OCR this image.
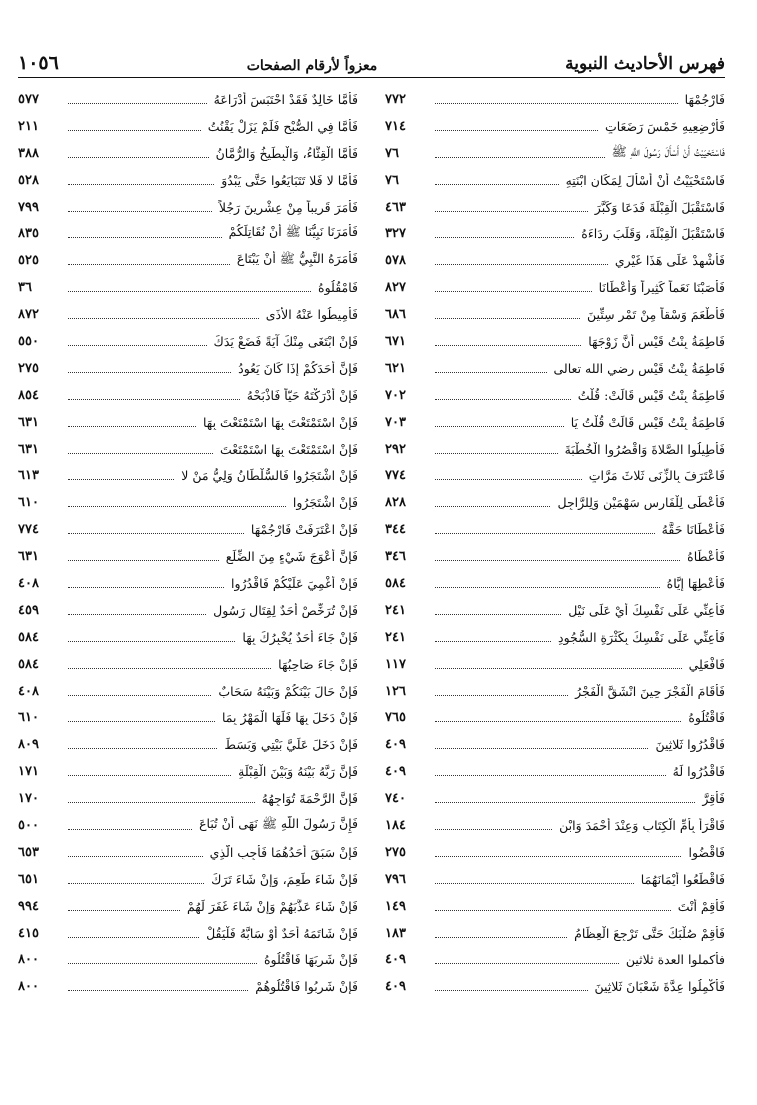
فهرس الأحاديث النبوية
معزواً لأرقام الصفحات
١٠٥٦
فَارْجُمْهَا
٧٧٢
فَأَرْضِعِيهِ خَمْسَ رَضَعَاتٍ
٧١٤
فَاسْتَحْيَيْتُ أَنْ أَسْأَلَ رَسُولَ اللَّهِ ﷺ
٧٦
فَاسْتَحْيَيْتُ أَنْ أَسْأَلَ لِمَكَانِ ابْنَتِهِ
٧٦
فَاسْتَقْبَلَ الْقِبْلَةَ فَدَعَا وَكَبَّرَ
٤٦٣
فَاسْتَقْبَلَ الْقِبْلَةَ، وَقَلَبَ رِدَاءَهُ
٣٢٧
فَأَشْهِدْ عَلَى هَذَا غَيْرِي
٥٧٨
فَأَصَبْنَا نَعَماً كَثِيراً وَأَعْطَانَا
٨٢٧
فَأَطْعَمَ وَسْقاً مِنْ تَمْرٍ سِتِّينَ
٦٨٦
فَاطِمَةُ بِنْتُ قَيْسٍ أَنَّ زَوْجَهَا
٦٧١
فَاطِمَةُ بِنْتُ قَيْسٍ رضي الله تعالى
٦٢١
فَاطِمَةُ بِنْتُ قَيْسٍ قَالَتْ: قُلْتُ
٧٠٢
فَاطِمَةُ بِنْتُ قَيْسٍ قَالَتْ قُلْتُ يَا
٧٠٣
فَأَطِيلُوا الصَّلاةَ وَاقْصُرُوا الْخُطْبَةَ
٢٩٢
فَاعْتَرَفَ بِالزِّنَى ثَلاثَ مَرَّاتٍ
٧٧٤
فَأَعْطَى لِلْفَارِسِ سَهْمَيْنِ وَلِلرَّاجِلِ
٨٢٨
فَأَعْطَانَا حَقَّهُ
٣٤٤
فَأَعْطَاهُ
٣٤٦
فَأَعْطِهَا إِيَّاهُ
٥٨٤
فَأَعِنِّي عَلَى نَفْسِكَ أَيْ عَلَى نَيْلِ
٢٤١
فَأَعِنِّي عَلَى نَفْسِكَ بِكَثْرَةِ السُّجُودِ
٢٤١
فَافْعَلِي
١١٧
فَأَقَامَ الْفَجْرَ حِينَ انْشَقَّ الْفَجْرُ
١٢٦
فَاقْتُلُوهُ
٧٦٥
فَاقْدُرُوا ثَلاثِينَ
٤٠٩
فَاقْدُرُوا لَهُ
٤٠٩
فَأَقِرَّ
٧٤٠
فَاقْرَأْ بِأُمِّ الْكِتَابِ وَعِنْدَ أَحْمَدَ وَابْنِ
١٨٤
فَاقْضُوا
٢٧٥
فَاقْطَعُوا أَيْمَانَهُمَا
٧٩٦
فَأَقِمْ أَنْتَ
١٤٩
فَأَقِمْ صُلْبَكَ حَتَّى تَرْجِعَ الْعِظَامُ
١٨٣
فأكملوا العدة ثلاثين
٤٠٩
فَأَكْمِلُوا عِدَّةَ شَعْبَانَ ثَلاثِينَ
٤٠٩
فَأَمَّا خَالِدٌ فَقَدْ احْتَبَسَ أَدْرَاعَهُ
٥٧٧
فَأَمَّا فِي الصُّبْحِ فَلَمْ يَزَلْ يَقْنُتُ
٢١١
فَأَمَّا الْقِثَّاءُ، وَالْبِطِّيخُ وَالرُّمَّانُ
٣٨٨
فَأَمَّا لا فَلا تَتَبَايَعُوا حَتَّى يَبْدُوَ
٥٢٨
فَأَمَرَ قَرِيباً مِنْ عِشْرِينَ رَجُلاً
٧٩٩
فَأَمَرَنَا نَبِيُّنَا ﷺ أَنْ نُقَاتِلَكُمْ
٨٣٥
فَأَمَرَهُ النَّبِيُّ ﷺ أَنْ يَبْتَاعَ
٥٢٥
فَامْقُلُوهُ
٣٦
فَأَمِيطُوا عَنْهُ الأَذَى
٨٧٢
فَإِنْ ابْتَغَى مِنْكَ آيَةً فَضَعْ يَدَكَ
٥٥٠
فَإِنَّ أَحَدَكُمْ إِذَا كَانَ يَعُودُ
٢٧٥
فَإِنْ أَدْرَكْتَهُ حَيّاً فَاذْبَحْهُ
٨٥٤
فَإِنْ اسْتَمْتَعْتَ بِهَا اسْتَمْتَعْتَ بِهَا
٦٣١
فَإِنْ اسْتَمْتَعْتَ بِهَا اسْتَمْتَعْتَ
٦٣١
فَإِنْ اشْتَجَرُوا فَالسُّلْطَانُ وَلِيُّ مَنْ لا
٦١٣
فَإِنْ اشْتَجَرُوا
٦١٠
فَإِنْ اعْتَرَفَتْ فَارْجُمْهَا
٧٧٤
فَإِنَّ أَعْوَجَ شَيْءٍ مِنَ الضِّلَعِ
٦٣١
فَإِنْ أُغْمِيَ عَلَيْكُمْ فَاقْدُرُوا
٤٠٨
فَإِنْ تُرَخِّصْ أَحَدٌ لِقِتَالِ رَسُولِ
٤٥٩
فَإِنْ جَاءَ أَحَدٌ يُخْبِرُكَ بِهَا
٥٨٤
فَإِنْ جَاءَ صَاحِبُهَا
٥٨٤
فَإِنْ حَالَ بَيْنَكُمْ وَبَيْنَهُ سَحَابٌ
٤٠٨
فَإِنْ دَخَلَ بِهَا فَلَهَا الْمَهْرُ بِمَا
٦١٠
فَإِنْ دَخَلَ عَلَيَّ بَيْتِي وَبَسَطَ
٨٠٩
فَإِنَّ رَبَّهُ بَيْنَهُ وَبَيْنَ الْقِبْلَةِ
١٧١
فَإِنَّ الرَّحْمَةَ تُوَاجِهُهُ
١٧٠
فَإِنَّ رَسُولَ اللَّهِ ﷺ نَهَى أَنْ تُبَاعَ
٥٠٠
فَإِنْ سَبَقَ أَحَدُهُمَا فَأَجِبِ الَّذِي
٦٥٣
فَإِنْ شَاءَ طَعِمَ، وَإِنْ شَاءَ تَرَكَ
٦٥١
فَإِنْ شَاءَ عَذَّبَهُمْ وَإِنْ شَاءَ غَفَرَ لَهُمْ
٩٩٤
فَإِنْ شَاتَمَهُ أَحَدٌ أَوْ سَابَّهُ فَلْيَقُلْ
٤١٥
فَإِنْ شَرِبَهَا فَاقْتُلُوهُ
٨٠٠
فَإِنْ شَرِبُوا فَاقْتُلُوهُمْ
٨٠٠
